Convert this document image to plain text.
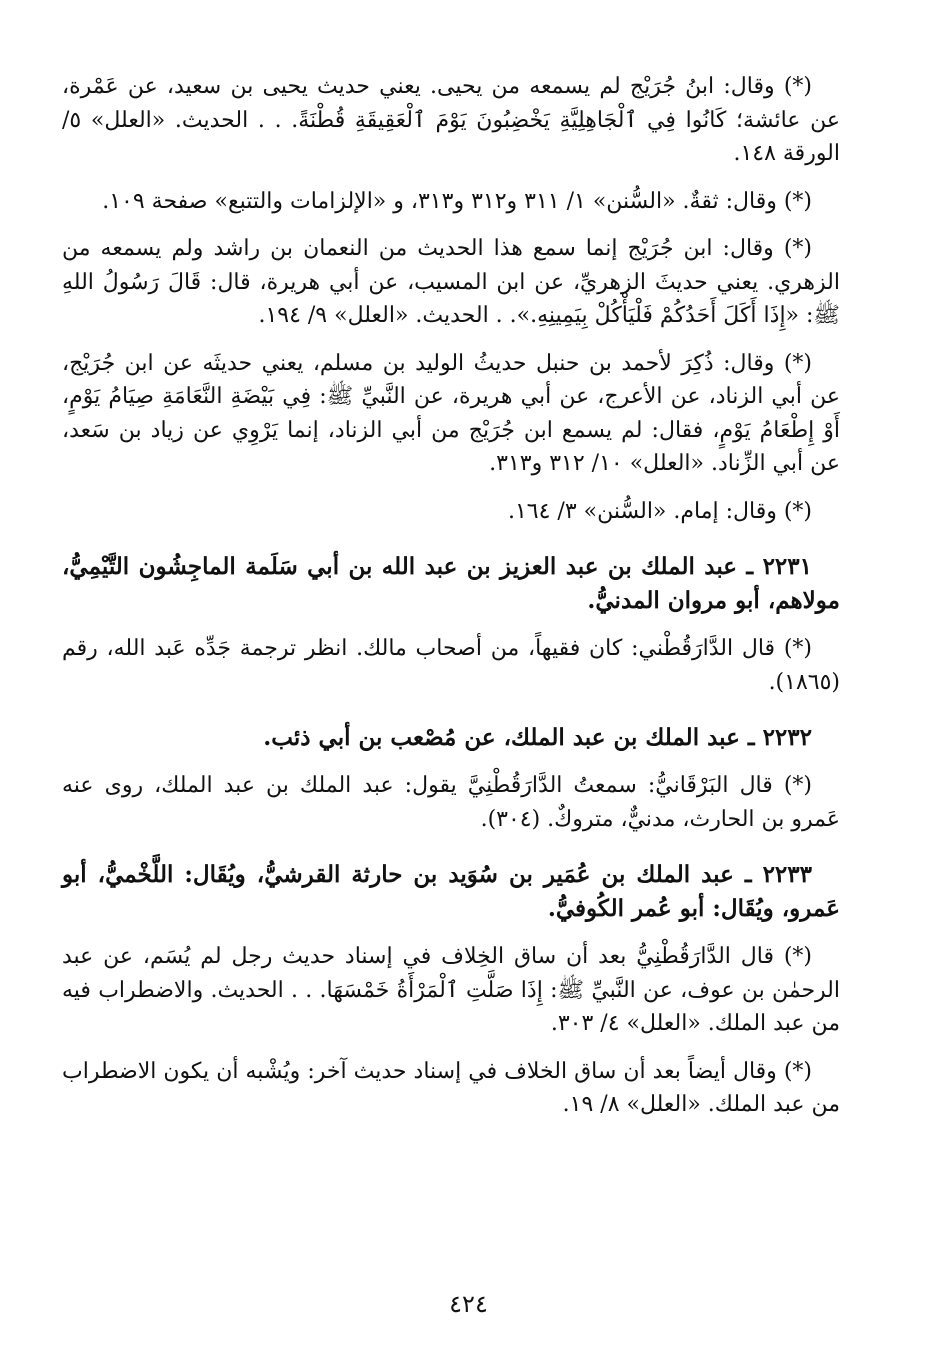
(*) وقال: ابنُ جُرَيْج لم يسمعه من يحيى. يعني حديث يحيى بن سعيد، عن عَمْرة، عن عائشة؛ كَانُوا فِي ٱلْجَاهِلِيَّةِ يَخْضِبُونَ يَوْمَ ٱلْعَقِيقَةِ قُطْنَةً. . . الحديث. «العلل» ٥/الورقة ١٤٨.

(*) وقال: ثقةٌ. «السُّنن» ١/ ٣١١ و٣١٢ و٣١٣، و «الإلزامات والتتبع» صفحة ١٠٩.

(*) وقال: ابن جُرَيْج إنما سمع هذا الحديث من النعمان بن راشد ولم يسمعه من الزهري. يعني حديثَ الزهريِّ، عن ابن المسيب، عن أبي هريرة، قال: قَالَ رَسُولُ اللهِ ﷺ: «إِذَا أَكَلَ أَحَدُكُمْ فَلْيَأْكُلْ بِيَمِينِهِ.». . الحديث. «العلل» ٩/ ١٩٤.

(*) وقال: ذُكِرَ لأحمد بن حنبل حديثُ الوليد بن مسلم، يعني حديثَه عن ابن جُرَيْج، عن أبي الزناد، عن الأعرج، عن أبي هريرة، عن النَّبيِّ ﷺ: فِي بَيْضَةِ النَّعَامَةِ صِيَامُ يَوْمٍ، أَوْ إِطْعَامُ يَوْمٍ، فقال: لم يسمع ابن جُرَيْج من أبي الزناد، إنما يَرْوِي عن زياد بن سَعد، عن أبي الزِّناد. «العلل» ١٠/ ٣١٢ و٣١٣.

(*) وقال: إمام. «السُّنن» ٣/ ١٦٤.

٢٢٣١ ـ عبد الملك بن عبد العزيز بن عبد الله بن أبي سَلَمة الماجِشُون التَّيْمِيُّ، مولاهم، أبو مروان المدنيُّ.

(*) قال الدَّارَقُطْني: كان فقيهاً، من أصحاب مالك. انظر ترجمة جَدِّه عَبد الله، رقم (١٨٦٥).

٢٢٣٢ ـ عبد الملك بن عبد الملك، عن مُصْعب بن أبي ذئب.

(*) قال البَرْقَانيُّ: سمعتُ الدَّارَقُطْنِيَّ يقول: عبد الملك بن عبد الملك، روى عنه عَمرو بن الحارث، مدنيٌّ، متروكٌ. (٣٠٤).

٢٢٣٣ ـ عبد الملك بن عُمَير بن سُوَيد بن حارثة القرشيُّ، ويُقَال: اللَّخْميُّ، أبو عَمرو، ويُقَال: أبو عُمر الكُوفيُّ.

(*) قال الدَّارَقُطْنِيُّ بعد أن ساق الخِلاف في إسناد حديث رجل لم يُسَم، عن عبد الرحمٰن بن عوف، عن النَّبيِّ ﷺ: إِذَا صَلَّتِ ٱلْمَرْأَةُ خَمْسَهَا. . . الحديث. والاضطراب فيه من عبد الملك. «العلل» ٤/ ٣٠٣.

(*) وقال أيضاً بعد أن ساق الخلاف في إسناد حديث آخر: ويُشْبه أن يكون الاضطراب من عبد الملك. «العلل» ٨/ ١٩.

٤٢٤
